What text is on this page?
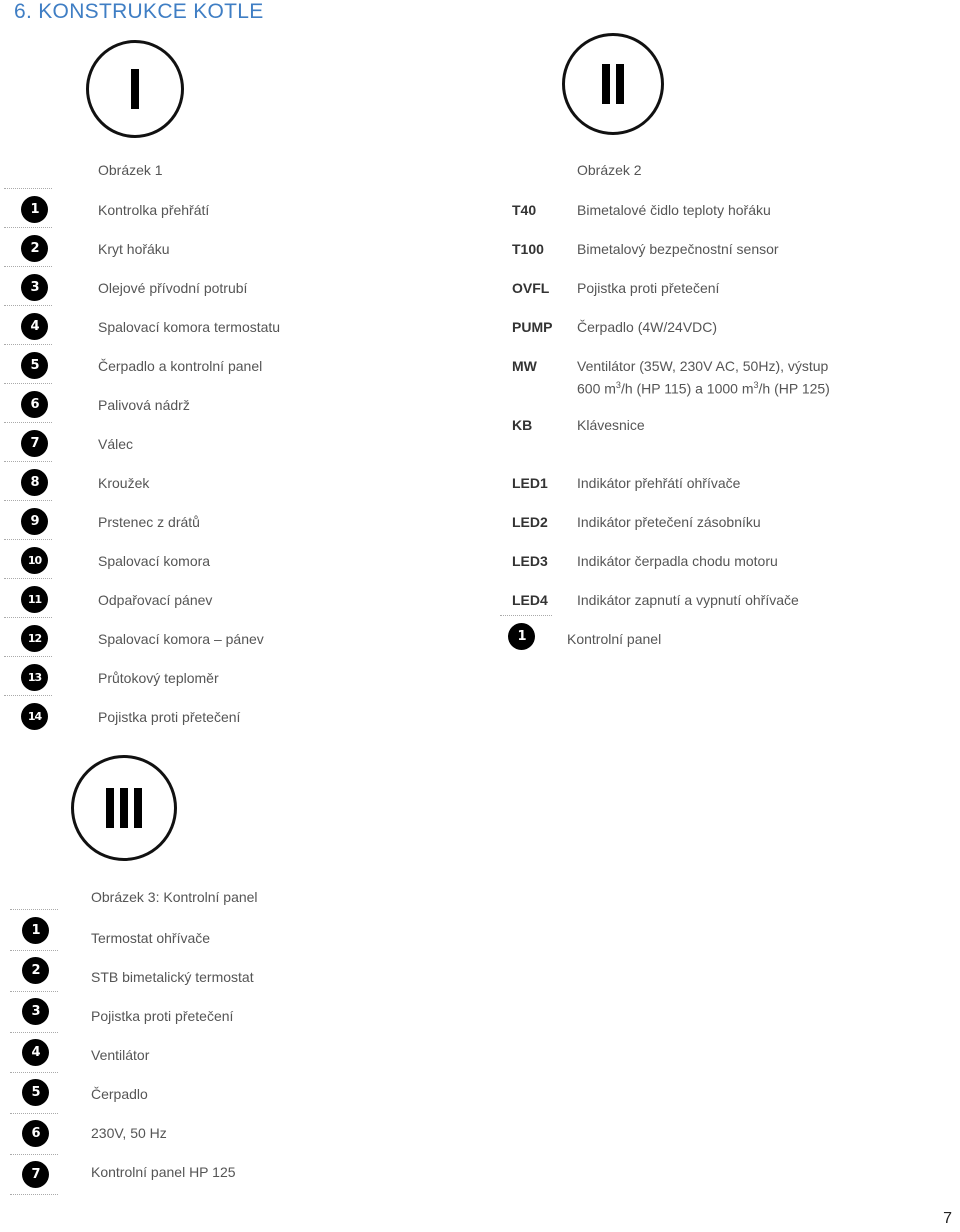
6. KONSTRUKCE KOTLE
Obrázek 1	Obrázek 2
Obrázek 3: Kontrolní panel
1	Kontrolka přehřátí
2	Kryt hořáku
3	Olejové přívodní potrubí
4	Spalovací komora termostatu
5	Čerpadlo a kontrolní panel
6	Palivová nádrž
7	Válec
8	Kroužek
9	Prstenec z drátů
10	Spalovací komora
11	Odpařovací pánev
12	Spalovací komora – pánev
13	Průtokový teploměr
14	Pojistka proti přetečení
T40	Bimetalové čidlo teploty hořáku
T100 Bimetalový bezpečnostní sensor
OVFL Pojistka proti přetečení
PUMP Čerpadlo (4W/24VDC)
MW	Ventilátor (35W, 230V AC, 50Hz), výstup
600 $m^3/h$ (HP 115) a 1000 $m^3/h$ (HP 125)
KB	Klávesnice
LED1 Indikátor přehřátí ohřívače
LED2 Indikátor přetečení zásobníku
LED3 Indikátor čerpadla chodu motoru
LED4 Indikátor zapnutí a vypnutí ohřívače
1	Kontrolní panel
1	Termostat ohřívače
2	STB bimetalický termostat
3	Pojistka proti přetečení
4	Ventilátor
5	Čerpadlo
6	230V, 50 Hz
7	Kontrolní panel HP 125
7
